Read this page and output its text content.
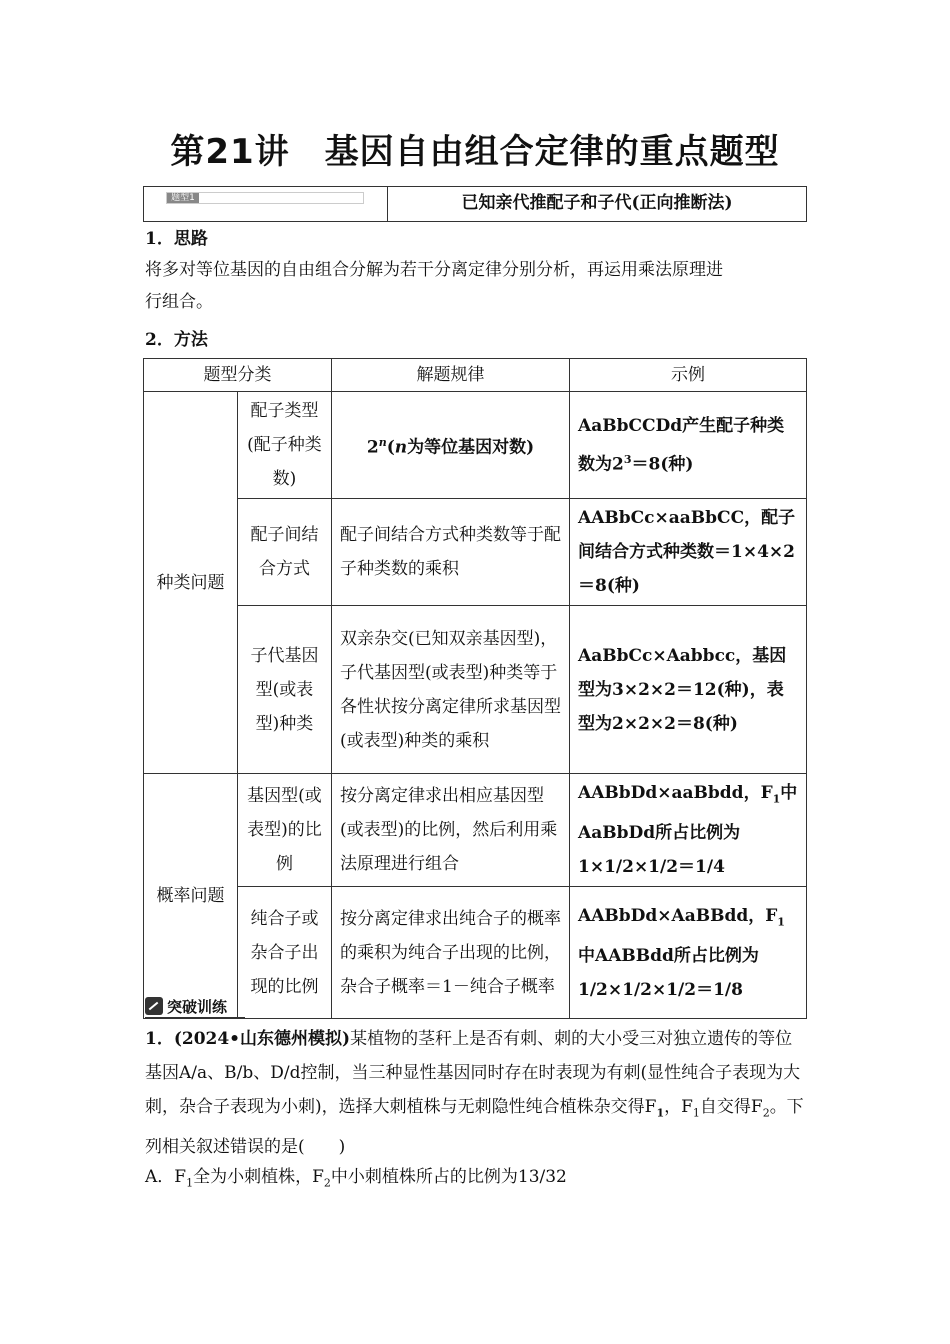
第21讲　基因自由组合定律的重点题型
题型1	已知亲代推配子和子代(正向推断法)
1．思路
将多对等位基因的自由组合分解为若干分离定律分别分析，再运用乘法原理进
行组合。
2．方法
题型分类		解题规律	示例
种类问题	配子类型(配子种类数)	2$^n$(n为等位基因对数)	AaBbCCDd产生配子种类数为$2^3=8$(种)
	配子间结合方式	配子间结合方式种类数等于配子种类数的乘积	AABbCc×aaBbCC，配子间结合方式种类数＝1×4×2＝8(种)
	子代基因型(或表型)种类	双亲杂交(已知双亲基因型)，子代基因型(或表型)种类等于各性状按分离定律所求基因型(或表型)种类的乘积	AaBbCc×Aabbcc，基因型为3×2×2＝12(种)，表型为2×2×2＝8(种)
概率问题	基因型(或表型)的比例	按分离定律求出相应基因型(或表型)的比例，然后利用乘法原理进行组合	AABbDd×aaBbdd，$F_1$中AaBbDd所占比例为1×1/2×1/2＝1/4
	纯合子或杂合子出现的比例	按分离定律求出纯合子的概率的乘积为纯合子出现的比例，杂合子概率＝1－纯合子概率	AABbDd×AaBBdd，$F_1$中AABBdd所占比例为1/2×1/2×1/2＝1/8
突破训练
1．(2024•山东德州模拟)某植物的茎秆上是否有刺、刺的大小受三对独立遗传的等位基因A/a、B/b、D/d控制，当三种显性基因同时存在时表现为有刺(显性纯合子表现为大刺，杂合子表现为小刺)，选择大刺植株与无刺隐性纯合植株杂交得$F_1$，$F_1$自交得$F_2$。下列相关叙述错误的是(　　)
A．$F_1$全为小刺植株，$F_2$中小刺植株所占的比例为13/32
